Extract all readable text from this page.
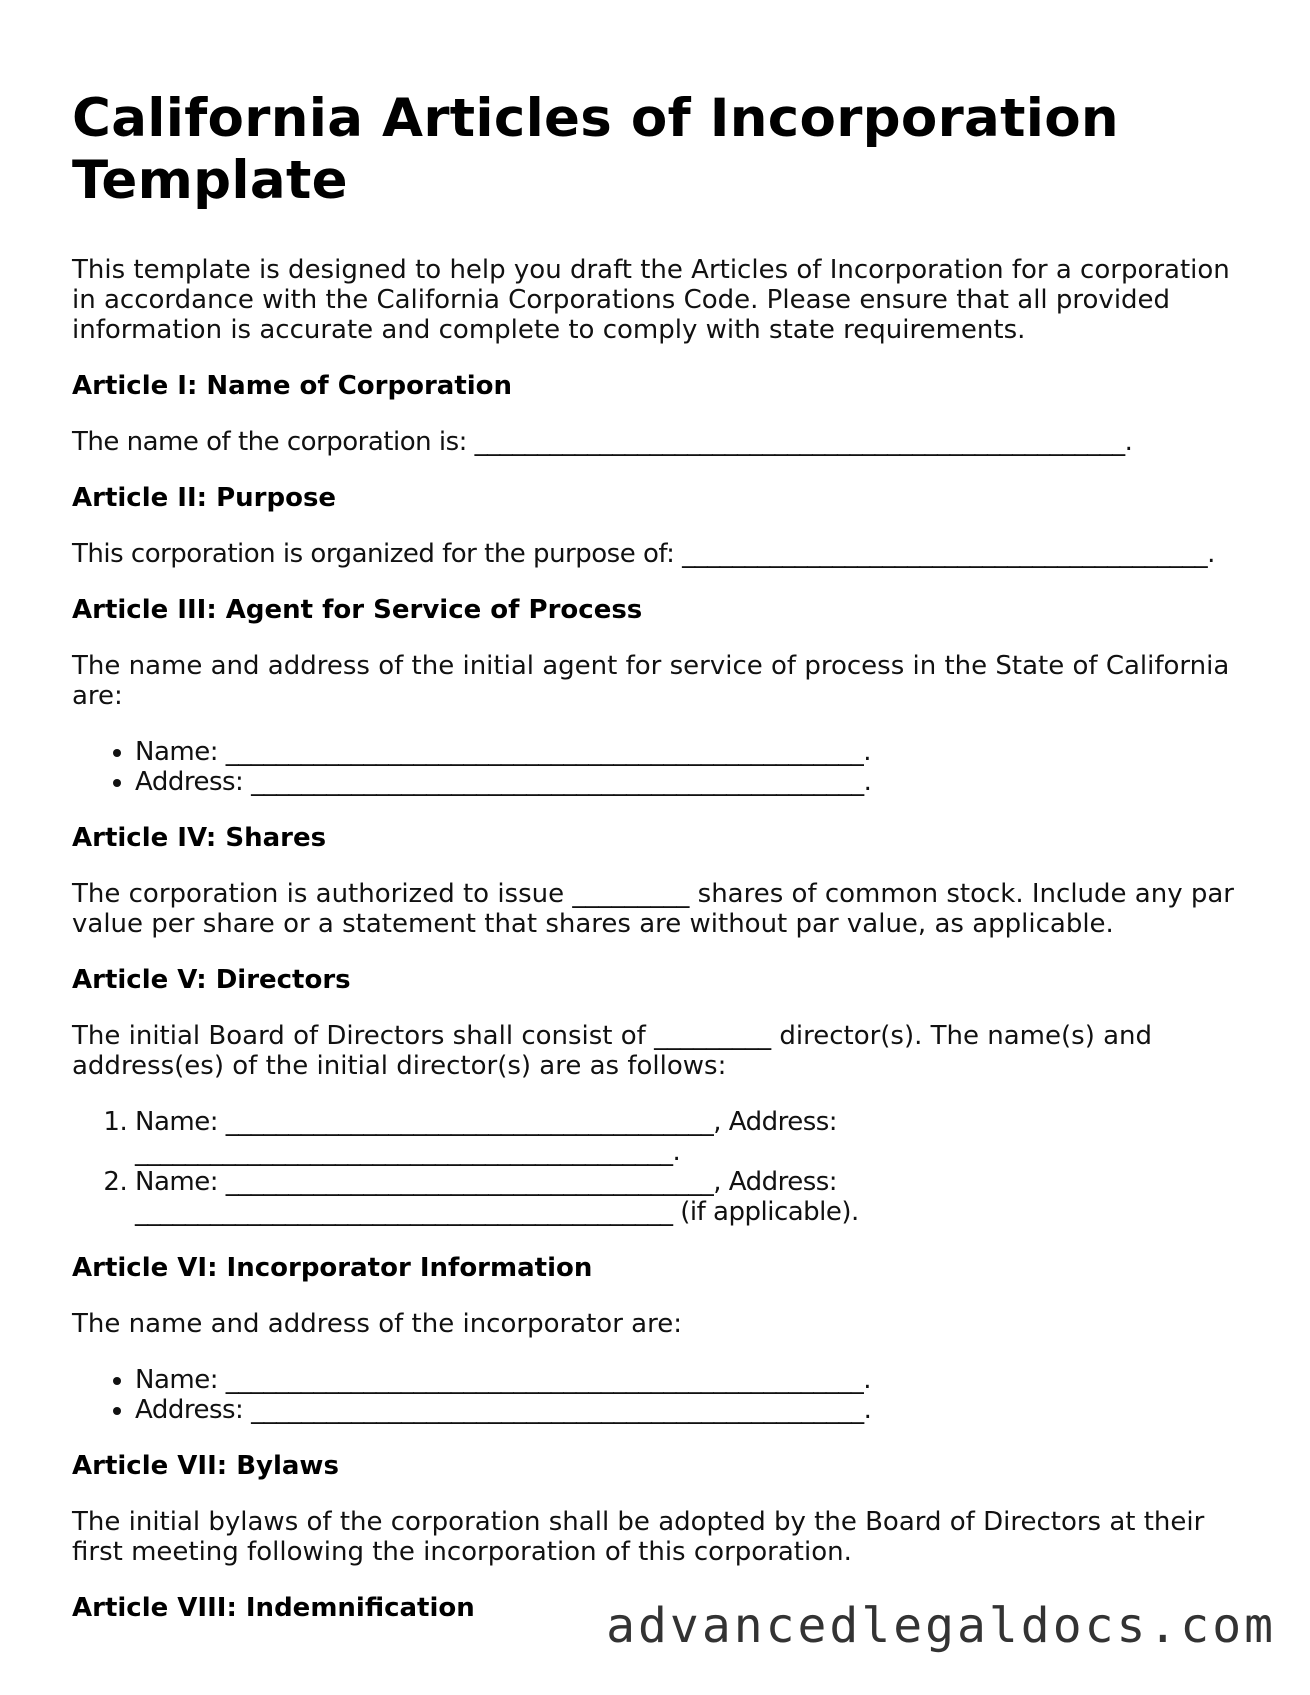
California Articles of Incorporation Template

This template is designed to help you draft the Articles of Incorporation for a corporation in accordance with the California Corporations Code. Please ensure that all provided information is accurate and complete to comply with state requirements.

Article I: Name of Corporation

The name of the corporation is: ____________________________________________________.

Article II: Purpose

This corporation is organized for the purpose of: __________________________________________.

Article III: Agent for Service of Process

The name and address of the initial agent for service of process in the State of California are:

• Name: ___________________________________________________.
• Address: _________________________________________________.
Article IV: Shares

The corporation is authorized to issue _________ shares of common stock. Include any par value per share or a statement that shares are without par value, as applicable.

Article V: Directors

The initial Board of Directors shall consist of _________ director(s). The name(s) and address(es) of the initial director(s) are as follows:

1. Name: _______________________________________, Address: ___________________________________________.
2. Name: _______________________________________, Address: ___________________________________________ (if applicable).
Article VI: Incorporator Information

The name and address of the incorporator are:

• Name: ___________________________________________________.
• Address: _________________________________________________.
Article VII: Bylaws

The initial bylaws of the corporation shall be adopted by the Board of Directors at their first meeting following the incorporation of this corporation.

Article VIII: Indemnification	advancedlegaldocs.com
